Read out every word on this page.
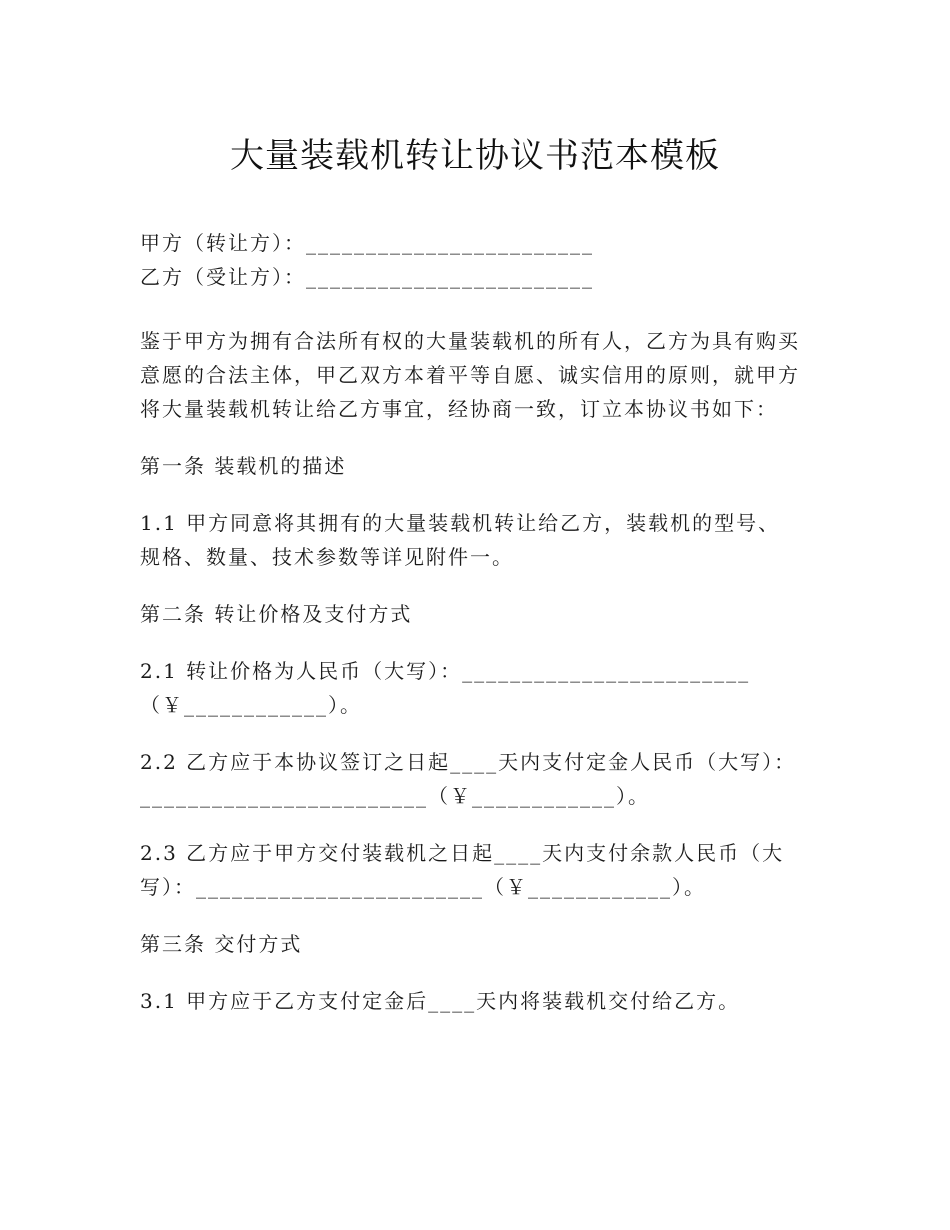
大量装载机转让协议书范本模板

甲方（转让方）：________________________

乙方（受让方）：________________________

鉴于甲方为拥有合法所有权的大量装载机的所有人，乙方为具有购买意愿的合法主体，甲乙双方本着平等自愿、诚实信用的原则，就甲方将大量装载机转让给乙方事宜，经协商一致，订立本协议书如下：

第一条 装载机的描述

1.1 甲方同意将其拥有的大量装载机转让给乙方，装载机的型号、规格、数量、技术参数等详见附件一。

第二条 转让价格及支付方式

2.1 转让价格为人民币（大写）：________________________

（￥____________）。

2.2 乙方应于本协议签订之日起____天内支付定金人民币（大写）：

________________________（￥____________）。

2.3 乙方应于甲方交付装载机之日起____天内支付余款人民币（大

写）：________________________（￥____________）。

第三条 交付方式

3.1 甲方应于乙方支付定金后____天内将装载机交付给乙方。
